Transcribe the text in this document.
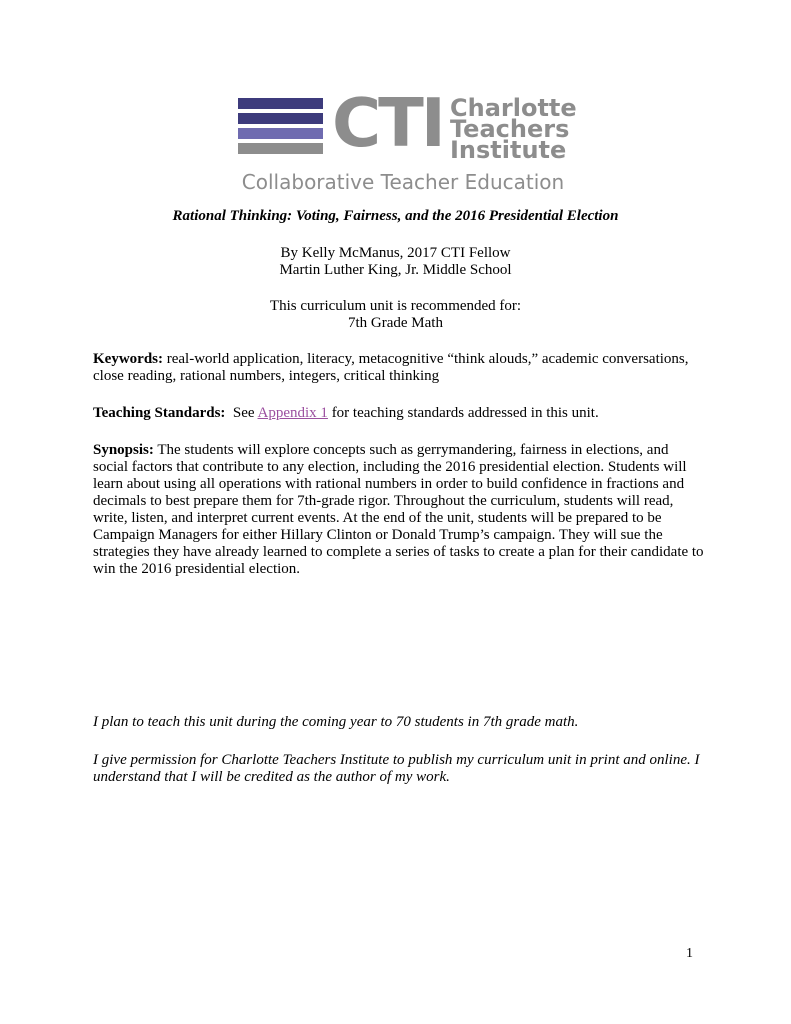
CTI Charlotte
Teachers
Institute
Collaborative Teacher Education
Rational Thinking: Voting, Fairness, and the 2016 Presidential Election
By Kelly McManus, 2017 CTI Fellow
Martin Luther King, Jr. Middle School
This curriculum unit is recommended for:
7th Grade Math
Keywords: real-world application, literacy, metacognitive “think alouds,” academic conversations, close reading, rational numbers, integers, critical thinking
Teaching Standards: See Appendix 1 for teaching standards addressed in this unit.
Synopsis: The students will explore concepts such as gerrymandering, fairness in elections, and social factors that contribute to any election, including the 2016 presidential election. Students will learn about using all operations with rational numbers in order to build confidence in fractions and decimals to best prepare them for 7th-grade rigor. Throughout the curriculum, students will read, write, listen, and interpret current events. At the end of the unit, students will be prepared to be Campaign Managers for either Hillary Clinton or Donald Trump’s campaign. They will sue the strategies they have already learned to complete a series of tasks to create a plan for their candidate to win the 2016 presidential election.
I plan to teach this unit during the coming year to 70 students in 7th grade math.
I give permission for Charlotte Teachers Institute to publish my curriculum unit in print and online. I understand that I will be credited as the author of my work.
1
